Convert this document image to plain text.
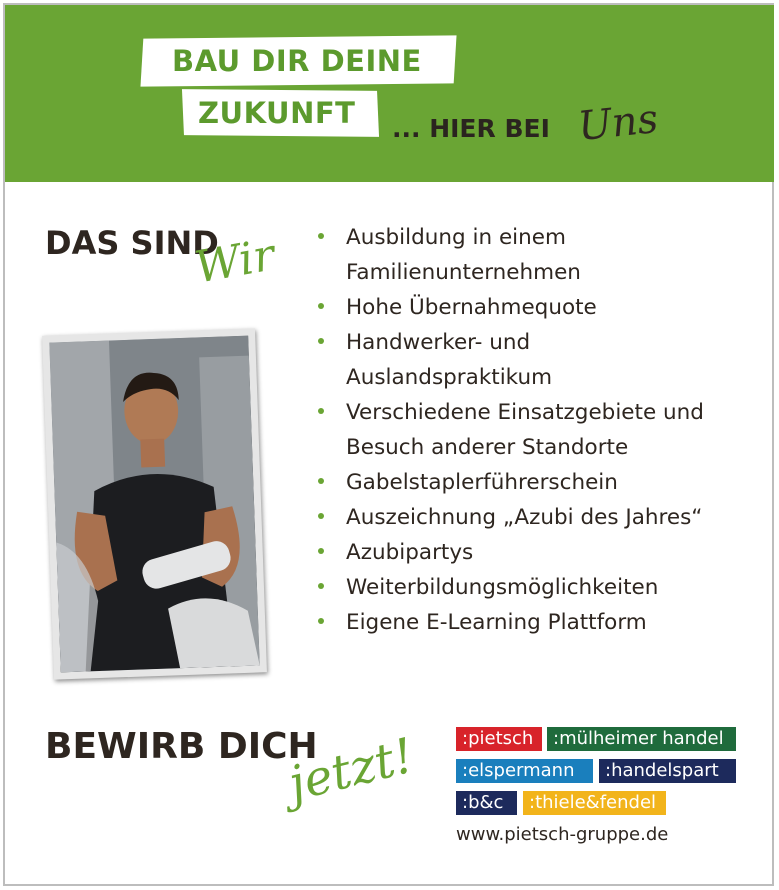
BAU DIR DEINE
ZUKUNFT ... HIER BEI Uns
DAS SIND
Wir	Ausbildung in einem
Familienunternehmen
Hohe Übernahmequote
Handwerker- und
Auslandspraktikum
Verschiedene Einsatzgebiete und
Besuch anderer Standorte
Gabelstaplerführerschein
Auszeichnung „Azubi des Jahres“
Azubipartys
Weiterbildungsmöglichkeiten
Eigene E-Learning Plattform
BEWIRB DICH
jetzt!	:pietsch	:mülheimer handel
:elspermann	:handelspart
:b&c	:thiele&fendel
www.pietsch-gruppe.de
